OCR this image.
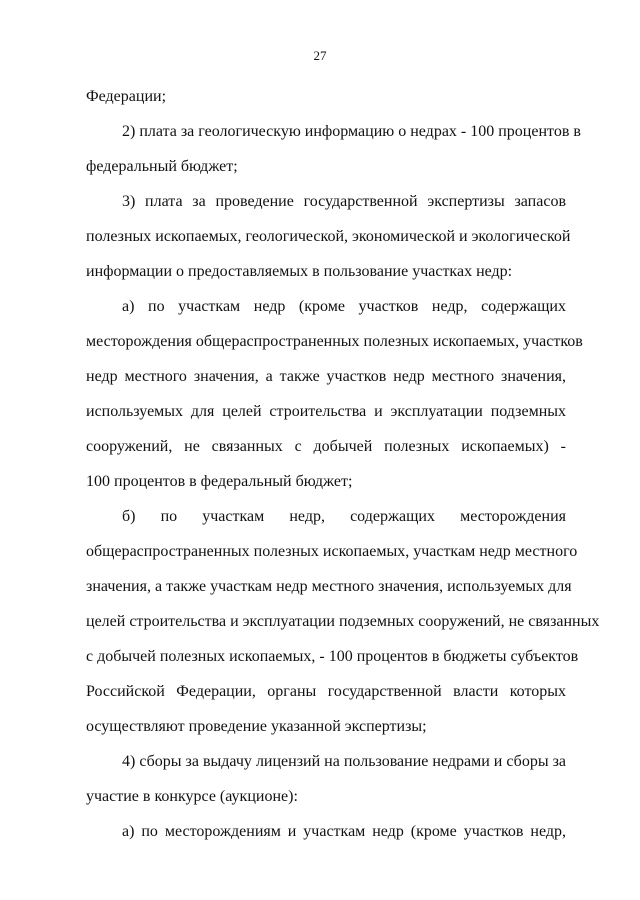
27
Федерации;
2) плата за геологическую информацию о недрах - 100 процентов в
федеральный бюджет;
3) плата за проведение государственной экспертизы запасов
полезных ископаемых, геологической, экономической и экологической
информации о предоставляемых в пользование участках недр:
а) по участкам недр (кроме участков недр, содержащих
месторождения общераспространенных полезных ископаемых, участков
недр местного значения, а также участков недр местного значения,
используемых для целей строительства и эксплуатации подземных
сооружений, не связанных с добычей полезных ископаемых) -
100 процентов в федеральный бюджет;
б) по участкам недр, содержащих месторождения
общераспространенных полезных ископаемых, участкам недр местного
значения, а также участкам недр местного значения, используемых для
целей строительства и эксплуатации подземных сооружений, не связанных
с добычей полезных ископаемых, - 100 процентов в бюджеты субъектов
Российской Федерации, органы государственной власти которых
осуществляют проведение указанной экспертизы;
4) сборы за выдачу лицензий на пользование недрами и сборы за
участие в конкурсе (аукционе):
а) по месторождениям и участкам недр (кроме участков недр,
